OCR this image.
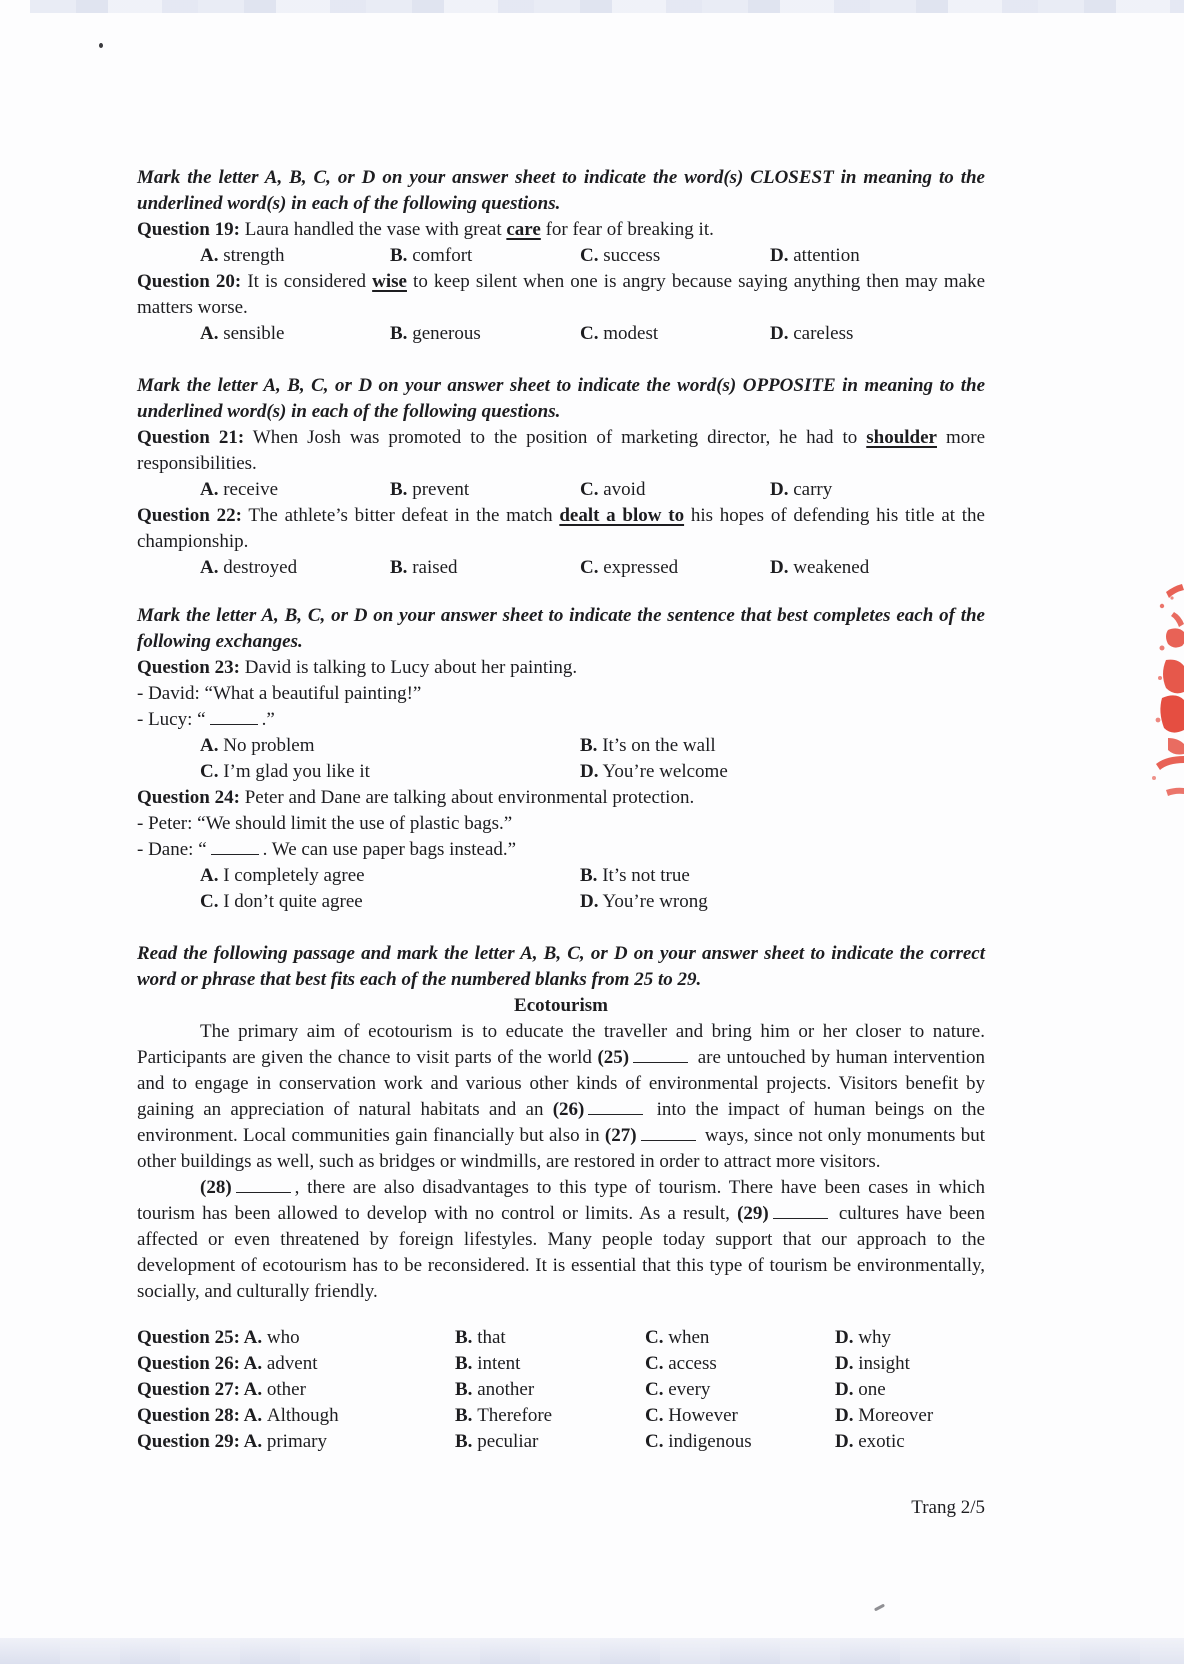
Mark the letter A, B, C, or D on your answer sheet to indicate the word(s) CLOSEST in meaning to the underlined word(s) in each of the following questions.

Question 19: Laura handled the vase with great care for fear of breaking it.

A. strength	B. comfort	C. success	D. attention

Question 20: It is considered wise to keep silent when one is angry because saying anything then may make matters worse.

A. sensible	B. generous	C. modest	D. careless

Mark the letter A, B, C, or D on your answer sheet to indicate the word(s) OPPOSITE in meaning to the underlined word(s) in each of the following questions.

Question 21: When Josh was promoted to the position of marketing director, he had to shoulder more responsibilities.

A. receive	B. prevent	C. avoid	D. carry

Question 22: The athlete’s bitter defeat in the match dealt a blow to his hopes of defending his title at the championship.

A. destroyed	B. raised	C. expressed	D. weakened

Mark the letter A, B, C, or D on your answer sheet to indicate the sentence that best completes each of the following exchanges.

Question 23: David is talking to Lucy about her painting.

- David: “What a beautiful painting!”

- Lucy: “	.”

A. No problem	B. It’s on the wall
C. I’m glad you like it	D. You’re welcome

Question 24: Peter and Dane are talking about environmental protection.

- Peter: “We should limit the use of plastic bags.”

- Dane: “	. We can use paper bags instead.”

A. I completely agree	B. It’s not true
C. I don’t quite agree	D. You’re wrong

Read the following passage and mark the letter A, B, C, or D on your answer sheet to indicate the correct word or phrase that best fits each of the numbered blanks from 25 to 29.

Ecotourism

The primary aim of ecotourism is to educate the traveller and bring him or her closer to nature. Participants are given the chance to visit parts of the world (25)	are untouched by human intervention and to engage in conservation work and various other kinds of environmental projects. Visitors benefit by gaining an appreciation of natural habitats and an (26)	into the impact of human beings on the environment. Local communities gain financially but also in (27)	ways, since not only monuments but other buildings as well, such as bridges or windmills, are restored in order to attract more visitors.

(28)	, there are also disadvantages to this type of tourism. There have been cases in which tourism has been allowed to develop with no control or limits. As a result, (29)	cultures have been affected or even threatened by foreign lifestyles. Many people today support that our approach to the development of ecotourism has to be reconsidered. It is essential that this type of tourism be environmentally, socially, and culturally friendly.

Question 25: A. who	B. that	C. when	D. why
Question 26: A. advent	B. intent	C. access	D. insight
Question 27: A. other	B. another	C. every	D. one
Question 28: A. Although	B. Therefore	C. However	D. Moreover
Question 29: A. primary	B. peculiar	C. indigenous	D. exotic

Trang 2/5
